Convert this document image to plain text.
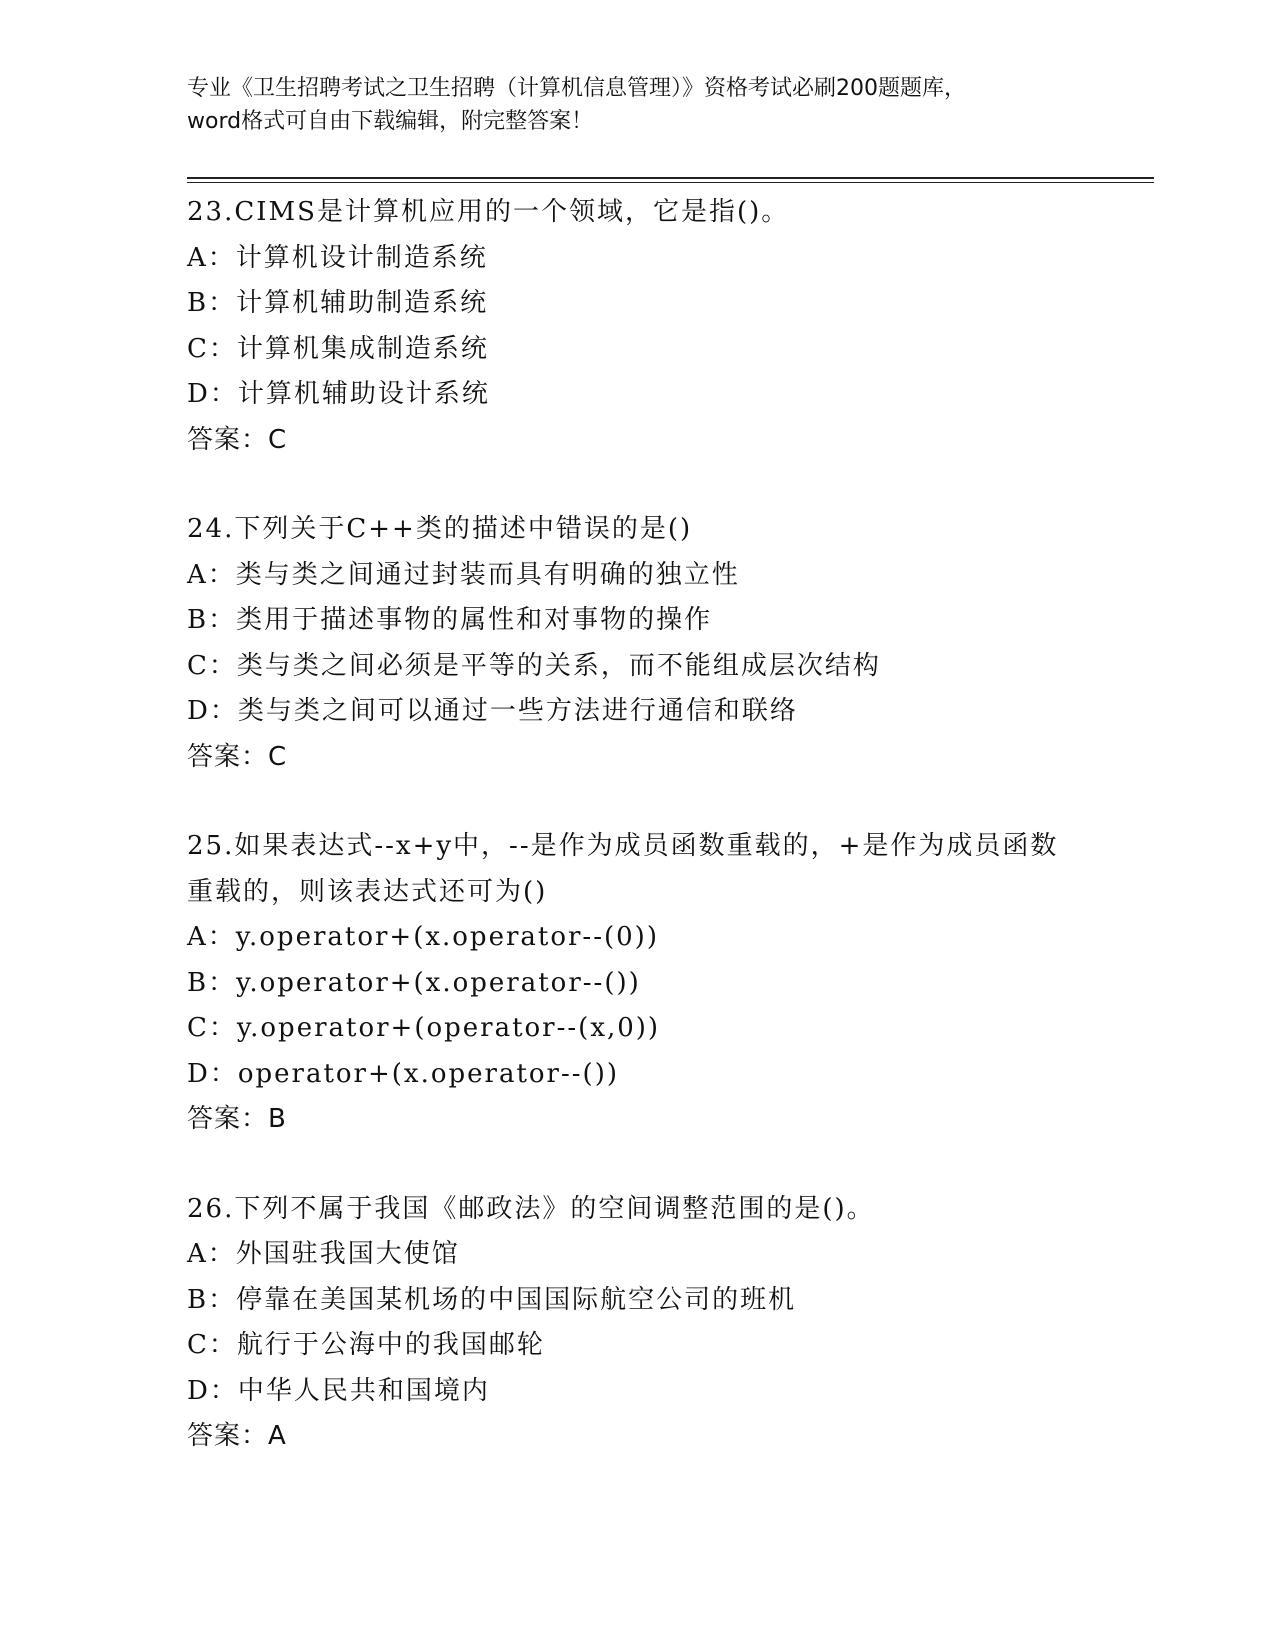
专业《卫生招聘考试之卫生招聘（计算机信息管理）》资格考试必刷200题题库，
word格式可自由下载编辑，附完整答案！
23.CIMS是计算机应用的一个领域，它是指()。
A：计算机设计制造系统
B：计算机辅助制造系统
C：计算机集成制造系统
D：计算机辅助设计系统
答案：C
24.下列关于C++类的描述中错误的是()
A：类与类之间通过封装而具有明确的独立性
B：类用于描述事物的属性和对事物的操作
C：类与类之间必须是平等的关系，而不能组成层次结构
D：类与类之间可以通过一些方法进行通信和联络
答案：C
25.如果表达式--x+y中，--是作为成员函数重载的，+是作为成员函数
重载的，则该表达式还可为()
A：y.operator+(x.operator--(0))
B：y.operator+(x.operator--())
C：y.operator+(operator--(x,0))
D：operator+(x.operator--())
答案：B
26.下列不属于我国《邮政法》的空间调整范围的是()。
A：外国驻我国大使馆
B：停靠在美国某机场的中国国际航空公司的班机
C：航行于公海中的我国邮轮
D：中华人民共和国境内
答案：A
